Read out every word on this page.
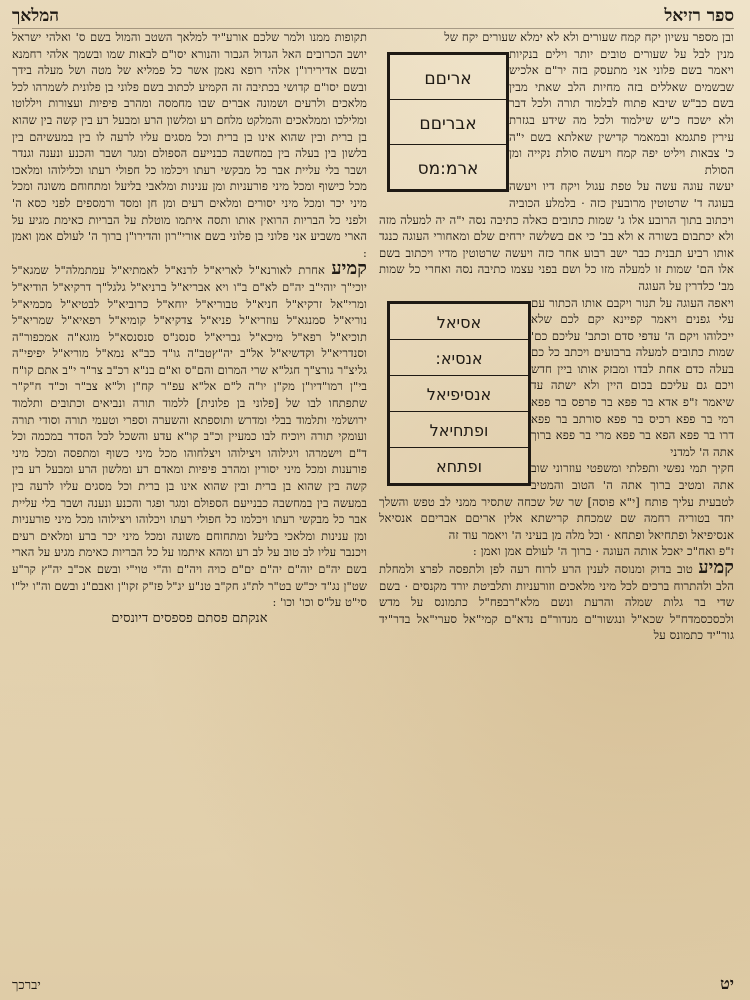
ספר רזיאל
המלאך

ובן מספר עשיון יקח קמח שעורים ולא לא ימלא שעורים יקח של

אריםם
אבריםם
ארמ:מס

מנין לבל על שעורים טובים יותר וילים בנקיות ויאמר בשם פלוני אני מתעסק בזה יר"ם אלכיש שבשמים שאללים בזה מחיות הלב שאתי מבין בשם כב"ש שיבא פתוח לבלמוד תורה ולכל דבר ולא ישכח כ"ש שילמוד ולכל מה שידע בגזרת עירין פתגמא ובמאמר קדישין שאלתא בשם י"ה כ' צבאות ויליט יפה קמח ויעשה סולת נקייה ומן הסולת

יעשה עוגה עשה על טפת עגול ויקח דיו ויעשה בעוגה ד' שרטוטין מרובעין כזה · בלמלע הכוביה ויכתוב בתוך הרובע אלו ג' שמות כתובים כאלה כתיבה נסה י"ה יה למעלה מזה ולא יכתבום בשורה א ולא בב' כי אם בשלשה ירחים שלם ומאחורי העוגה כנגד אותו רביע תבנית כבר ישב רבוע אחר כזה ויעשה שרטוטין מדיו ויכתוב בשם אלו הם' שמות זו למעלה מזו כל ושם בפני עצמו כתיבה נסה ואחרי כל שמות מב' כלדרין על העוגה

אסיאל
אנסיא:
אנסיפיאל
ופתחיאל
ופתחא

ויאפה העוגה על תנור ויקבם אותו הכתור עם עלי גפנים ויאמר קפיינא יקם לכם שלא ייכלוהו ויקם ה' עדפי סדם וכתב' עליכם כם' שמות כתובים למעלה ברבועים ויכתב כל כם בעלה כדם אחת לבדו ומבזק אותו ביין חדש ויכם גם עליכם בכום היין ולא ישתה עד שיאמר ז"פ אדא בר פפא בר פרפס בר פפא רמי בר פפא רכיס בר פפא סורתב בר פפא דרו בר פפא הפא בר פפא מרי בר פפא ברוך אתה ה' למדני

חקיך תמי נפשי ותפלתי ומשפטי עוזרוני שוב אתה ומטיב ברוך אתה ה' הטוב והמטיב לטבעית עליך פותח [י"א פוסה] שר של שכחה שתסיר ממני לב טפש והשלך יחד בטוריה רחמה שם שמכחת קרישתא אלין אריםם אבריםם אנסיאל אנסיפיאל ופתחיאל ופתחא · וכל מלה מן בעיני ה' ויאמר עוד זה

ז"פ ואח"כ יאכל אותה העוגה · ברוך ה' לעולם אמן ואמן :

קמיע טוב בדוק ומנוסה לענין הרע לרוח רעה לפן ולתפסה לפרצ ולמחלת הלב ולהתרוח ברכים לכל מיני מלאכים וזורעניות ותלביטת יורד מקנסים · בשם שדי בר גלות שמלה והרעת ונשם מלא"רבפח"ל כתמונס על מדש ולכסכסמדח"ל שכא"ל ונגשור"ם מנדור"ם נדא"ם קמי"אל סערי"אל בדר"יד גור"יד כתמונס על

תקופות ממנו ולמר שלכם אורע"יד למלאך השטב והמול בשם ס' ואלהי ישראל יושב הכרובים האל הגדול הגבור והנורא יסו"ם לבאות שמו ובשמך אלהי רחמנא ובשם אדירירו"ן אלהי רופא נאמן אשר כל פמליא של מטה ושל מעלה בידך ובשם יסו"ם קדושי בכתיבה זה הקמיע לכתוב בשם פלוני בן פלונית לשמרהו לכל מלאכים ולרעים ושמונה אברים שבו מחמסה ומהרב פיפיות ועצורות ויללוטו ומלילכו וממלאכים והמלקט מלחם רע ומלשון הרע ומבעל רע בין קשה בין שהוא בן ברית ובין שהוא אינו בן ברית וכל מסגים עליו לרעה לו בין במעשיהם בין בלשון בין בעלה בין במחשבה כבנייעם הספולם ומגר ושבר והכנע ונענה וגנדר ושבר בלי עליית אבר כל מבקשי רעתו ויכלמו כל חפולי רעתו וכלילוהו ומלאכו מכל כישוף ומכל מיני פורעניות ומן ענינות ומלאבי בליעל ומתחוחם משונה ומכל מיני יכר ומכל מיני יסורים ומלאים רעים ומן חן ומסד ורמספים לפני כסא ה' ולפני כל הבריות הרואין אותו ותסה איתמו מוטלת על הבריות כאימת מגיע על הארי משביע אני פלוני בן פלוני בשם אורי"רון והדירו"ן ברוך ה' לעולם אמן ואמן :

קמיע אחרת לאורנא"ל לאריא"ל לרנא"ל לאמתיא"ל עמתמלה"ל שמגא"ל יוכי"ך יוהי"ב יה"ם לא"ם ב"ו ויא אבריא"ל ברניא"ל גלגל"ך דרקיא"ל הודיא"ל ומרי"אל זרקיא"ל חניא"ל טבוריא"ל יוחא"ל כרוביא"ל לבטיא"ל מכמיא"ל נוריא"ל סמנגא"ל עוזריא"ל פניא"ל צדקיא"ל קומיא"ל רפאיא"ל שמריא"ל תוכיא"ל רפא"ל מיכא"ל גבריא"ל סנסנ"ס סנסנסא"ל מוגא"ה אמכפור"ה וסנדריא"ל וקדשיא"ל אל"ב יה"ץטב"ה גו"ד כב"א נמא"ל מוריא"ל יפיפי"ה גליצ"ר גורצ"ך חגל"א שרי המרום והם"ס וא"ם בנ"א רכ"ב צר"ר י"ב אתם קו"ח בי"ן רמו"דיו"ן מק"ן יו"ה ל"ם אל"א עפ"ר קח"ן ול"א צב"ר וכ"ד ח"ק"ר שתפתחו לבו של [פלוני בן פלונית] ללמוד תורה ונביאים וכתובים ותלמוד ירושלמי ותלמוד בבלי ומדרש ותוספתא והשערה וספרי וטעמי תורה וסודי תורה ועומקי תורה ויוכיח לבו כמעיין וכ"ב קו"א עדע והשכל לכל הסדר במכמה וכל ד"ם וישמרהו ויגילוהו ויצילוהו ויצלחוהו מכל מיני כשוף ומתפסה ומכל מיני פורענות ומכל מיני יסורין ומהרב פיפיות ומאדם רע ומלשון הרע ומבעל רע בין קשה בין שהוא בן ברית ובין שהוא אינו בן ברית וכל מסגים עליו לרעה בין במעשה בין במחשבה כבנייעם הספולם ומגר ופגר והכנע ונענה ושבר בלי עליית אבר כל מבקשי רעתו ויכלמו כל חפולי רעתו ויכלוהו ויצילוהו מכל מיני פורעניות ומן ענינות ומלאכי בליעל ומתחוחם משונה ומכל מיני יכר ברע ומלאים רעים ויכנבר עליו לב טוב על לב רע ומהא איתמו על כל הבריות כאימת מגיע על הארי בשם יה"ם יוה"ם יה"ם ים"ם כויה ויה"ם וה"י טוי"י ובשם אכ"ב יה"ץ קר"ע שט"ן נג"ד יכ"ש בט"ר לת"ג חק"ב טנ"ע יג"ל פז"ק זקו"ן ואבם"נ ובשם וה"ו יל"ו סי"ט על"ס וכו' וכו' :

אנקתם פסתם פספסים דיונסים

יט
יברכך
